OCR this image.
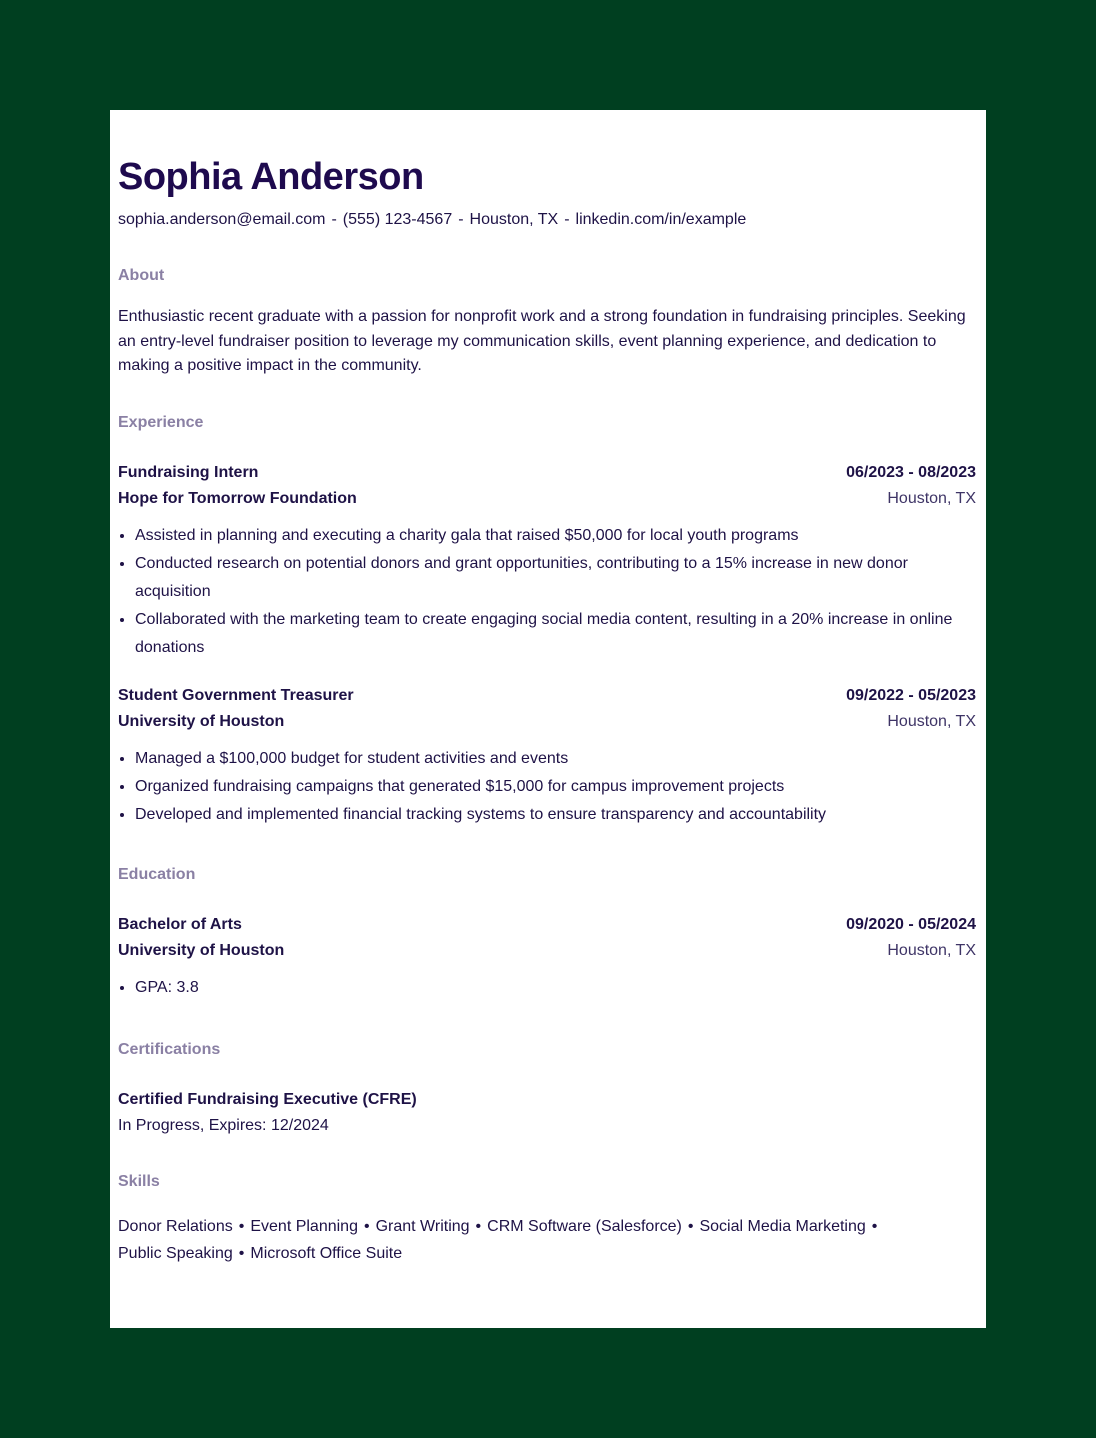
Sophia Anderson
sophia.anderson@email.com - (555) 123-4567 - Houston, TX - linkedin.com/in/example
About
Enthusiastic recent graduate with a passion for nonprofit work and a strong foundation in fundraising principles. Seeking an entry-level fundraiser position to leverage my communication skills, event planning experience, and dedication to making a positive impact in the community.
Experience
Fundraising Intern	06/2023 - 08/2023
Hope for Tomorrow Foundation	Houston, TX
• Assisted in planning and executing a charity gala that raised $50,000 for local youth programs
• Conducted research on potential donors and grant opportunities, contributing to a 15% increase in new donor acquisition
• Collaborated with the marketing team to create engaging social media content, resulting in a 20% increase in online donations
Student Government Treasurer	09/2022 - 05/2023
University of Houston	Houston, TX
• Managed a $100,000 budget for student activities and events
• Organized fundraising campaigns that generated $15,000 for campus improvement projects
• Developed and implemented financial tracking systems to ensure transparency and accountability
Education
Bachelor of Arts	09/2020 - 05/2024
University of Houston	Houston, TX
• GPA: 3.8
Certifications
Certified Fundraising Executive (CFRE)
In Progress, Expires: 12/2024
Skills
Donor Relations • Event Planning • Grant Writing • CRM Software (Salesforce) • Social Media Marketing •
Public Speaking • Microsoft Office Suite
